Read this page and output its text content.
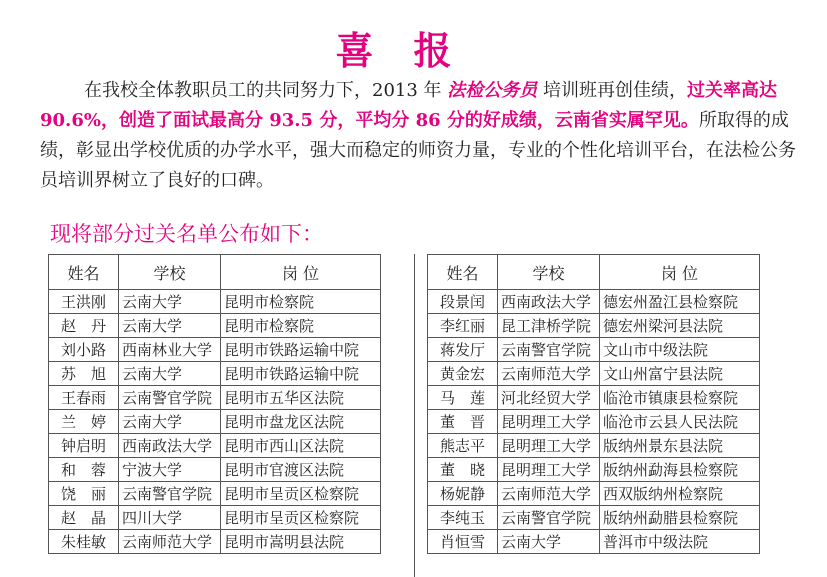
喜报
在我校全体教职员工的共同努力下，2013 年 法检公务员 培训班再创佳绩，过关率高达 90.6%，创造了面试最高分 93.5 分，平均分 86 分的好成绩，云南省实属罕见。所取得的成绩，彰显出学校优质的办学水平，强大而稳定的师资力量，专业的个性化培训平台，在法检公务员培训界树立了良好的口碑。
现将部分过关名单公布如下：
姓名	学校	岗 位
王洪刚	云南大学	昆明市检察院
赵　丹	云南大学	昆明市检察院
刘小路	西南林业大学	昆明市铁路运输中院
苏　旭	云南大学	昆明市铁路运输中院
王春雨	云南警官学院	昆明市五华区法院
兰　婷	云南大学	昆明市盘龙区法院
钟启明	西南政法大学	昆明市西山区法院
和　蓉	宁波大学	昆明市官渡区法院
饶　丽	云南警官学院	昆明市呈贡区检察院
赵　晶	四川大学	昆明市呈贡区检察院
朱桂敏	云南师范大学	昆明市嵩明县法院
姓名	学校	岗 位
段景闰	西南政法大学	德宏州盈江县检察院
李红丽	昆工津桥学院	德宏州梁河县法院
蒋发厅	云南警官学院	文山市中级法院
黄金宏	云南师范大学	文山州富宁县法院
马　莲	河北经贸大学	临沧市镇康县检察院
董　晋	昆明理工大学	临沧市云县人民法院
熊志平	昆明理工大学	版纳州景东县法院
董　晓	昆明理工大学	版纳州勐海县检察院
杨妮静	云南师范大学	西双版纳州检察院
李纯玉	云南警官学院	版纳州勐腊县检察院
肖恒雪	云南大学	普洱市中级法院
